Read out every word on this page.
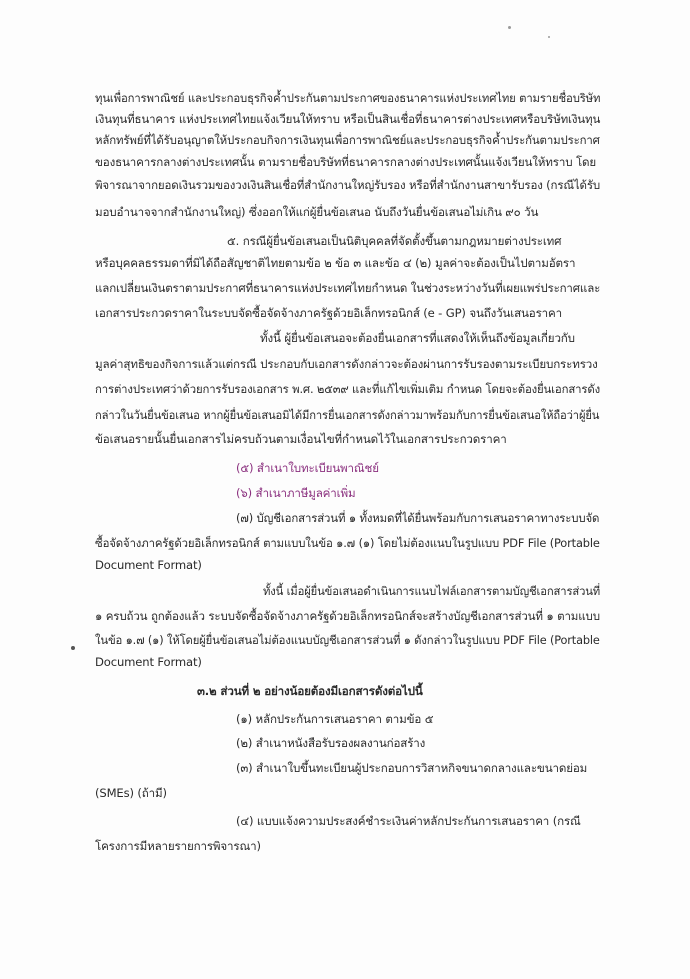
ทุนเพื่อการพาณิชย์ และประกอบธุรกิจค้ำประกันตามประกาศของธนาคารแห่งประเทศไทย ตามรายชื่อบริษัท
เงินทุนที่ธนาคาร แห่งประเทศไทยแจ้งเวียนให้ทราบ หรือเป็นสินเชื่อที่ธนาคารต่างประเทศหรือบริษัทเงินทุน
หลักทรัพย์ที่ได้รับอนุญาตให้ประกอบกิจการเงินทุนเพื่อการพาณิชย์และประกอบธุรกิจค้ำประกันตามประกาศ
ของธนาคารกลางต่างประเทศนั้น ตามรายชื่อบริษัทที่ธนาคารกลางต่างประเทศนั้นแจ้งเวียนให้ทราบ โดย
พิจารณาจากยอดเงินรวมของวงเงินสินเชื่อที่สำนักงานใหญ่รับรอง หรือที่สำนักงานสาขารับรอง (กรณีได้รับ
มอบอำนาจจากสำนักงานใหญ่) ซึ่งออกให้แก่ผู้ยื่นข้อเสนอ นับถึงวันยื่นข้อเสนอไม่เกิน ๙๐ วัน
๕. กรณีผู้ยื่นข้อเสนอเป็นนิติบุคคลที่จัดตั้งขึ้นตามกฎหมายต่างประเทศ
หรือบุคคลธรรมดาที่มิได้ถือสัญชาติไทยตามข้อ ๒ ข้อ ๓ และข้อ ๔ (๒) มูลค่าจะต้องเป็นไปตามอัตรา
แลกเปลี่ยนเงินตราตามประกาศที่ธนาคารแห่งประเทศไทยกำหนด ในช่วงระหว่างวันที่เผยแพร่ประกาศและ
เอกสารประกวดราคาในระบบจัดซื้อจัดจ้างภาครัฐด้วยอิเล็กทรอนิกส์ (e - GP) จนถึงวันเสนอราคา
ทั้งนี้ ผู้ยื่นข้อเสนอจะต้องยื่นเอกสารที่แสดงให้เห็นถึงข้อมูลเกี่ยวกับ
มูลค่าสุทธิของกิจการแล้วแต่กรณี ประกอบกับเอกสารดังกล่าวจะต้องผ่านการรับรองตามระเบียบกระทรวง
การต่างประเทศว่าด้วยการรับรองเอกสาร พ.ศ. ๒๕๓๙ และที่แก้ไขเพิ่มเติม กำหนด โดยจะต้องยื่นเอกสารดัง
กล่าวในวันยื่นข้อเสนอ หากผู้ยื่นข้อเสนอมิได้มีการยื่นเอกสารดังกล่าวมาพร้อมกับการยื่นข้อเสนอให้ถือว่าผู้ยื่น
ข้อเสนอรายนั้นยื่นเอกสารไม่ครบถ้วนตามเงื่อนไขที่กำหนดไว้ในเอกสารประกวดราคา
(๕) สำเนาใบทะเบียนพาณิชย์
(๖) สำเนาภาษีมูลค่าเพิ่ม
(๗) บัญชีเอกสารส่วนที่ ๑ ทั้งหมดที่ได้ยื่นพร้อมกับการเสนอราคาทางระบบจัด
ซื้อจัดจ้างภาครัฐด้วยอิเล็กทรอนิกส์ ตามแบบในข้อ ๑.๗ (๑) โดยไม่ต้องแนบในรูปแบบ PDF File (Portable
Document Format)
ทั้งนี้ เมื่อผู้ยื่นข้อเสนอดำเนินการแนบไฟล์เอกสารตามบัญชีเอกสารส่วนที่
๑ ครบถ้วน ถูกต้องแล้ว ระบบจัดซื้อจัดจ้างภาครัฐด้วยอิเล็กทรอนิกส์จะสร้างบัญชีเอกสารส่วนที่ ๑ ตามแบบ
ในข้อ ๑.๗ (๑) ให้โดยผู้ยื่นข้อเสนอไม่ต้องแนบบัญชีเอกสารส่วนที่ ๑ ดังกล่าวในรูปแบบ PDF File (Portable
Document Format)
๓.๒ ส่วนที่ ๒ อย่างน้อยต้องมีเอกสารดังต่อไปนี้
(๑) หลักประกันการเสนอราคา ตามข้อ ๕
(๒) สำเนาหนังสือรับรองผลงานก่อสร้าง
(๓) สำเนาใบขึ้นทะเบียนผู้ประกอบการวิสาหกิจขนาดกลางและขนาดย่อม
(SMEs) (ถ้ามี)
(๔) แบบแจ้งความประสงค์ชำระเงินค่าหลักประกันการเสนอราคา (กรณี
โครงการมีหลายรายการพิจารณา)
